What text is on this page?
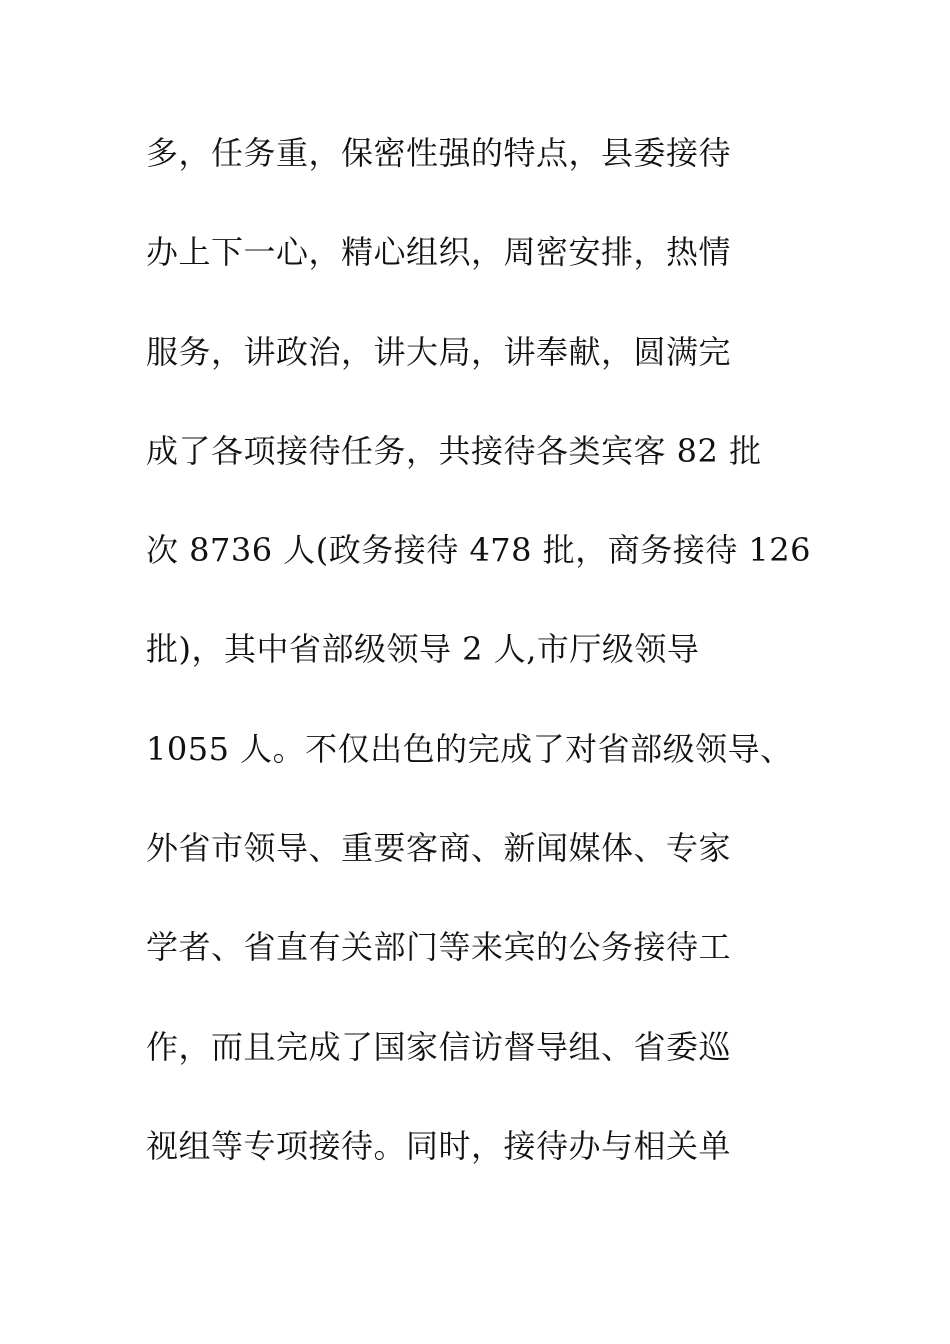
多，任务重，保密性强的特点，县委接待
办上下一心，精心组织，周密安排，热情
服务，讲政治，讲大局，讲奉献，圆满完
成了各项接待任务，共接待各类宾客 82 批
次 8736 人(政务接待 478 批，商务接待 126
批)，其中省部级领导 2 人,市厅级领导
1055 人。不仅出色的完成了对省部级领导、
外省市领导、重要客商、新闻媒体、专家
学者、省直有关部门等来宾的公务接待工
作，而且完成了国家信访督导组、省委巡
视组等专项接待。同时，接待办与相关单
